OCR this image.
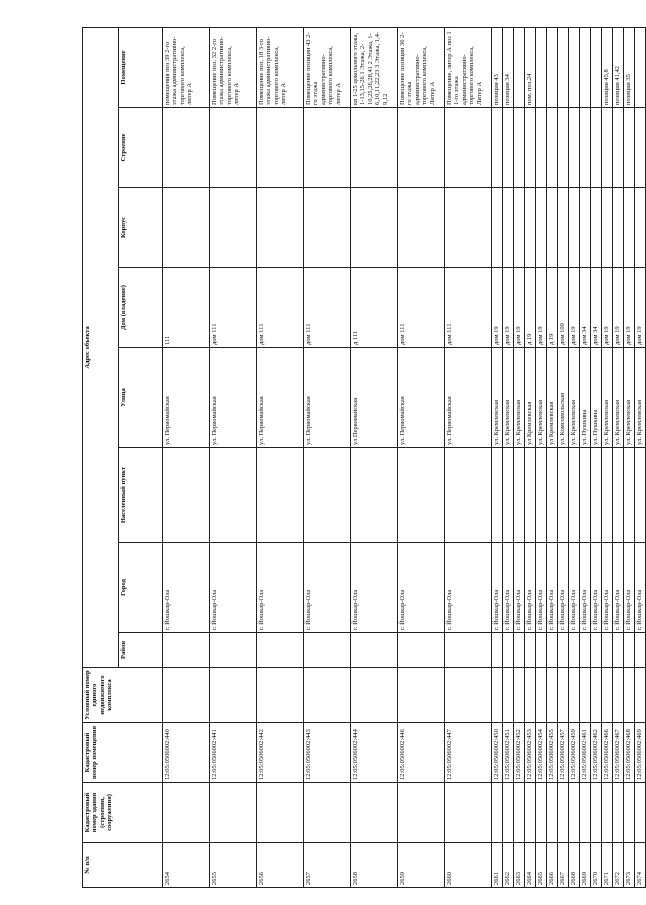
№ п/п	Кадастровый номер здания (строения, сооружения)	Кадастровый номер помещения	Условный номер единого недвижимого комплекса	Адрес объекта							
				Район	Город	Населенный пункт	Улица	Дом (владение)	Корпус	Строение	Помещение
2654		12:05:0506002:440			г. Йошкар-Ола		ул. Первомайская	111			помещения поз 39 2-го этажа административно-торгового комплекса, литер А
2655		12:05:0506002:441			г. Йошкар-Ола		ул. Первомайская	дом 111			Помещение поз. 32 2-го этажа административно-торгового комплекса, литер А
2656		12:05:0506002:442			г. Йошкар-Ола		ул. Первомайская	дом 111			Помещение поз. 18 3-го этажа административно-торгового комплекса, литер А
2657		12:05:0506002:443			г. Йошкар-Ола		ул. Первомайская	дом 111			Помещение позиции 43 2-го этажа административно-торгового комплекса, литер А
2658		12:05:0506002:444			г. Йошкар-Ола		ул Первомайская	д 111			кв 1-25 цокольного этажа, 1-13,15-26 1 Этажа, 2-10,25,26,28,41 2 Этажа, 1-6,10,11,22,23 3 Этажа, 1,4-9,12
2659		12:05:0506002:446			г. Йошкар-Ола		ул. Первомайская	дом 111			Помещение позиции 36 2-го этажа административно-торгового комплекса, Литер А
2660		12:05:0506002:447			г. Йошкар-Ола		ул. Первомайская	дом 111			Помещение, литер А поз 1 1-го этажа административно-торгового комплекса, Литер А
2661		12:05:0506002:450			г. Йошкар-Ола		ул. Кремлевская	дом 19			позиция 43
2662		12:05:0506002:451			г. Йошкар-Ола		ул. Кремлевская	дом 19			позиция 34
2663		12:05:0506002:452			г. Йошкар-Ола		ул. Кремлевская	дом 19			
2664		12:05:0506002:453			г. Йошкар-Ола		ул Кремлевская	д 19			пом. поз.24
2665		12:05:0506002:454			г. Йошкар-Ола		ул. Кремлевская	дом 19			
2666		12:05:0506002:455			г. Йошкар-Ола		ул Кремлевская	д 19			
2667		12:05:0506002:457			г. Йошкар-Ола		ул. Комсомольская	дом 109			
2668		12:05:0506002:459			г. Йошкар-Ола		ул. Кремлевская	дом 19			
2669		12:05:0506002:461			г. Йошкар-Ола		ул. Пушкина	дом 34			
2670		12:05:0506002:462			г. Йошкар-Ола		ул. Пушкина	дом 34			
2671		12:05:0506002:466			г. Йошкар-Ола		ул. Кремлевская	дом 19			позиция 45,8
2672		12:05:0506002:467			г. Йошкар-Ола		ул. Кремлевская	дом 19			позиция 41,42
2673		12:05:0506002:468			г. Йошкар-Ола		ул. Кремлевская	дом 19			позиция 35
2674		12:05:0506002:469			г. Йошкар-Ола		ул. Кремлевская	дом 19			
